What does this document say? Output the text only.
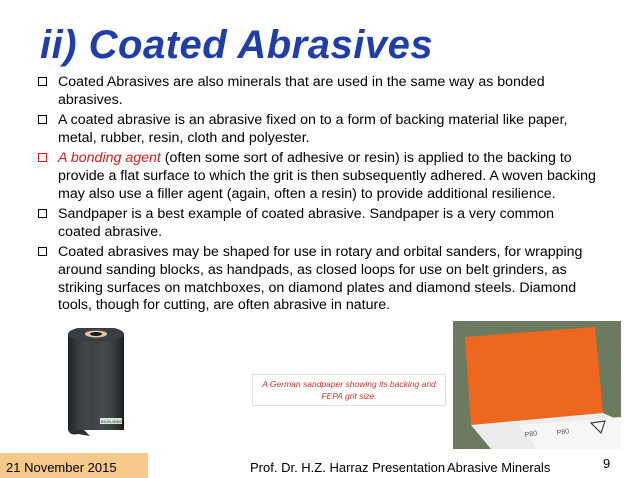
ii) Coated Abrasives
Coated Abrasives are also minerals that are used in the same way as bonded abrasives.
A coated abrasive is an abrasive fixed on to a form of backing material like paper, metal, rubber, resin, cloth and polyester.
A bonding agent (often some sort of adhesive or resin) is applied to the backing to provide a flat surface to which the grit is then subsequently adhered. A woven backing may also use a filler agent (again, often a resin) to provide additional resilience.
Sandpaper is a best example of coated abrasive. Sandpaper is a very common coated abrasive.
Coated abrasives may be shaped for use in rotary and orbital sanders, for wrapping around sanding blocks, as handpads, as closed loops for use on belt grinders, as striking surfaces on matchboxes, on diamond plates and diamond steels. Diamond tools, though for cutting, are often abrasive in nature.
ECOLOGIC
A German sandpaper showing its backing and FEPA grit size.
P80	P80
21 November 2015	Prof. Dr. H.Z. Harraz Presentation Abrasive Minerals	9
